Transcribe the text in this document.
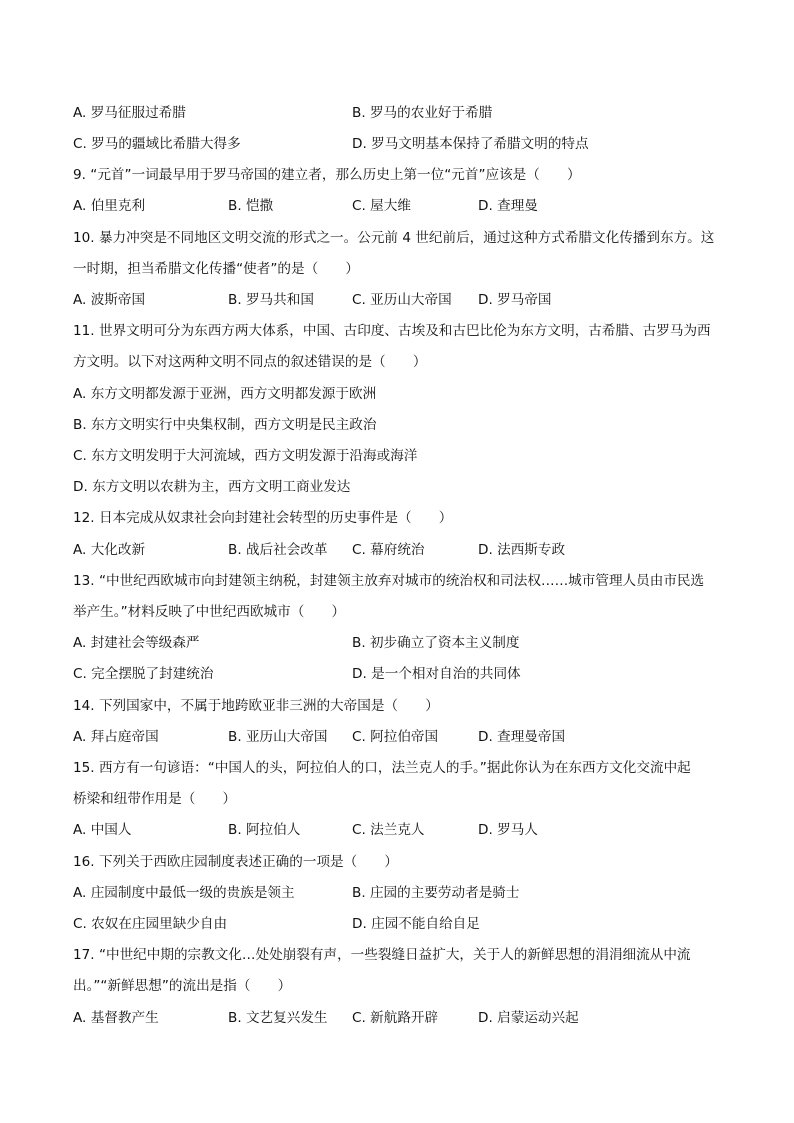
A. 罗马征服过希腊	B. 罗马的农业好于希腊
C. 罗马的疆域比希腊大得多	D. 罗马文明基本保持了希腊文明的特点
9. “元首”一词最早用于罗马帝国的建立者，那么历史上第一位“元首”应该是（　　）
A. 伯里克利	B. 恺撒	C. 屋大维	D. 查理曼
10. 暴力冲突是不同地区文明交流的形式之一。公元前 4 世纪前后，通过这种方式希腊文化传播到东方。这
一时期，担当希腊文化传播“使者”的是（　　）
A. 波斯帝国	B. 罗马共和国	C. 亚历山大帝国 D. 罗马帝国
11. 世界文明可分为东西方两大体系，中国、古印度、古埃及和古巴比伦为东方文明，古希腊、古罗马为西
方文明。以下对这两种文明不同点的叙述错误的是（　　）
A. 东方文明都发源于亚洲，西方文明都发源于欧洲
B. 东方文明实行中央集权制，西方文明是民主政治
C. 东方文明发明于大河流域，西方文明发源于沿海或海洋
D. 东方文明以农耕为主，西方文明工商业发达
12. 日本完成从奴隶社会向封建社会转型的历史事件是（　　）
A. 大化改新	B. 战后社会改革 C. 幕府统治	D. 法西斯专政
13. “中世纪西欧城市向封建领主纳税，封建领主放弃对城市的统治权和司法权……城市管理人员由市民选
举产生。”材料反映了中世纪西欧城市（　　）
A. 封建社会等级森严	B. 初步确立了资本主义制度
C. 完全摆脱了封建统治	D. 是一个相对自治的共同体
14. 下列国家中，不属于地跨欧亚非三洲的大帝国是（　　）
A. 拜占庭帝国	B. 亚历山大帝国 C. 阿拉伯帝国	D. 查理曼帝国
15. 西方有一句谚语：“中国人的头，阿拉伯人的口，法兰克人的手。”据此你认为在东西方文化交流中起
桥梁和纽带作用是（　　）
A. 中国人	B. 阿拉伯人	C. 法兰克人	D. 罗马人
16. 下列关于西欧庄园制度表述正确的一项是（　　）
A. 庄园制度中最低一级的贵族是领主	B. 庄园的主要劳动者是骑士
C. 农奴在庄园里缺少自由	D. 庄园不能自给自足
17. “中世纪中期的宗教文化…处处崩裂有声，一些裂缝日益扩大，关于人的新鲜思想的涓涓细流从中流
出。”“新鲜思想”的流出是指（　　）
A. 基督教产生	B. 文艺复兴发生 C. 新航路开辟	D. 启蒙运动兴起
